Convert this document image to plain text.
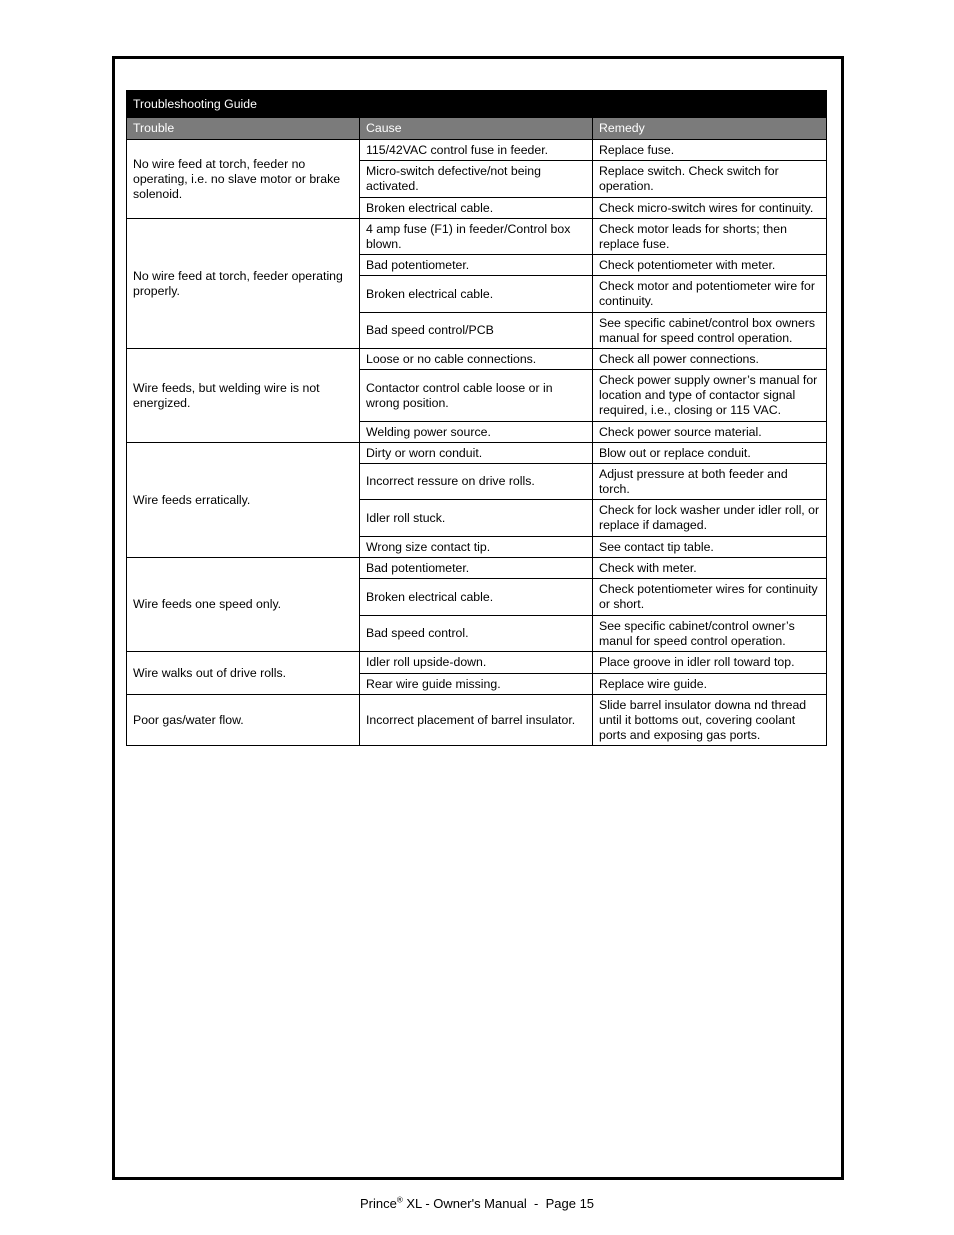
Troubleshooting Guide		
Trouble	Cause	Remedy
No wire feed at torch, feeder no operating, i.e. no slave motor or brake solenoid.	115/42VAC control fuse in feeder.	Replace fuse.
	Micro-switch defective/not being activated.	Replace switch. Check switch for operation.
	Broken electrical cable.	Check micro-switch wires for continuity.
No wire feed at torch, feeder operating properly.	4 amp fuse (F1) in feeder/Control box blown.	Check motor leads for shorts; then replace fuse.
	Bad potentiometer.	Check potentiometer with meter.
	Broken electrical cable.	Check motor and potentiometer wire for continuity.
	Bad speed control/PCB	See specific cabinet/control box owners manual for speed control operation.
Wire feeds, but welding wire is not energized.	Loose or no cable connections.	Check all power connections.
	Contactor control cable loose or in wrong position.	Check power supply owner’s manual for location and type of contactor signal required, i.e., closing or 115 VAC.
	Welding power source.	Check power source material.
Wire feeds erratically.	Dirty or worn conduit.	Blow out or replace conduit.
	Incorrect ressure on drive rolls.	Adjust pressure at both feeder and torch.
	Idler roll stuck.	Check for lock washer under idler roll, or replace if damaged.
	Wrong size contact tip.	See contact tip table.
Wire feeds one speed only.	Bad potentiometer.	Check with meter.
	Broken electrical cable.	Check potentiometer wires for continuity or short.
	Bad speed control.	See specific cabinet/control owner’s manul for speed control operation.
Wire walks out of drive rolls.	Idler roll upside-down.	Place groove in idler roll toward top.
	Rear wire guide missing.	Replace wire guide.
Poor gas/water flow.	Incorrect placement of barrel insulator.	Slide barrel insulator downa nd thread until it bottoms out, covering coolant ports and exposing gas ports.
Prince® XL - Owner's Manual  -  Page 15
